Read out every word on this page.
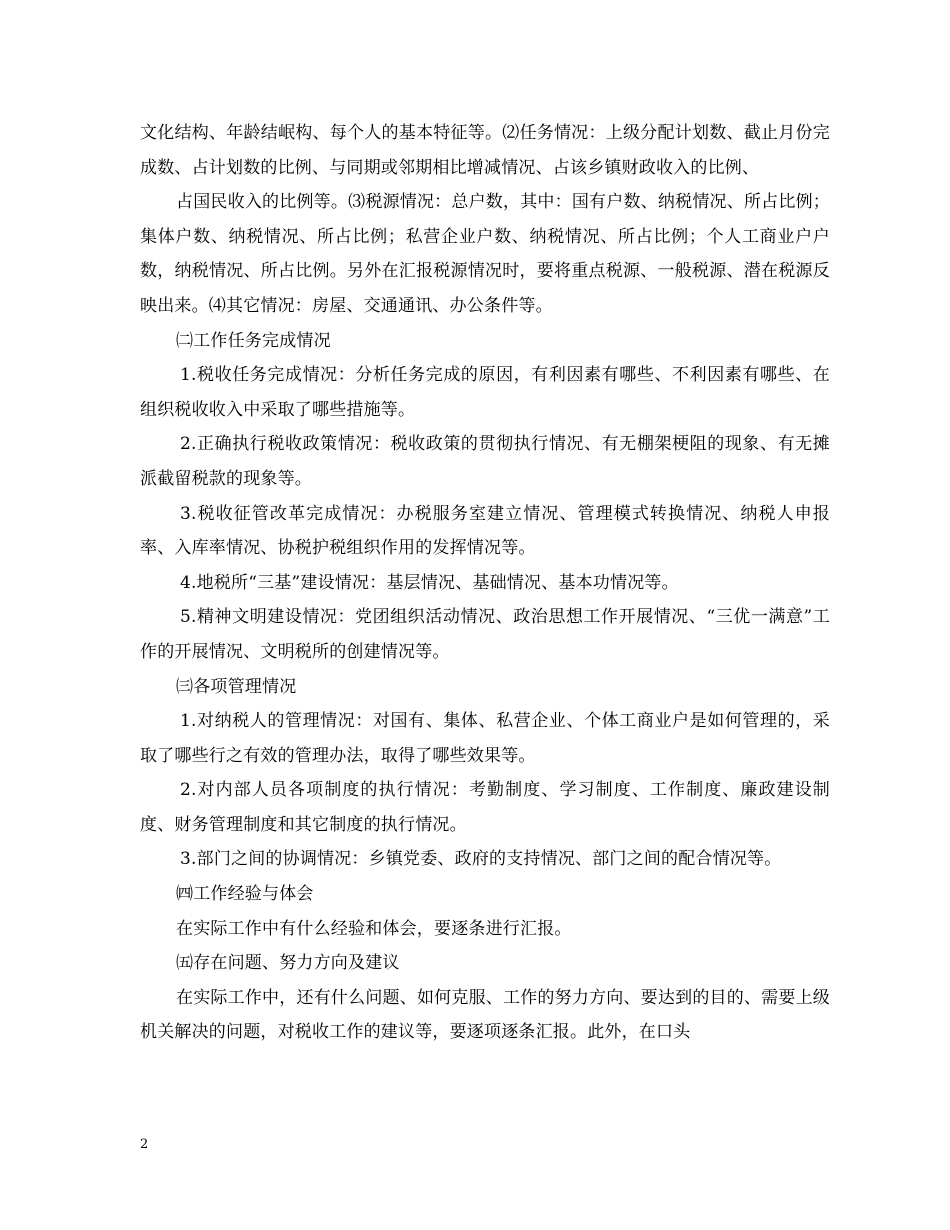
文化结构、年龄结岷构、每个人的基本特征等。⑵任务情况：上级分配计划数、截止月份完成数、占计划数的比例、与同期或邻期相比增减情况、占该乡镇财政收入的比例、

占国民收入的比例等。⑶税源情况：总户数，其中：国有户数、纳税情况、所占比例；集体户数、纳税情况、所占比例；私营企业户数、纳税情况、所占比例；个人工商业户户数，纳税情况、所占比例。另外在汇报税源情况时，要将重点税源、一般税源、潜在税源反映出来。⑷其它情况：房屋、交通通讯、办公条件等。

㈡工作任务完成情况

1.税收任务完成情况：分析任务完成的原因，有利因素有哪些、不利因素有哪些、在组织税收收入中采取了哪些措施等。

2.正确执行税收政策情况：税收政策的贯彻执行情况、有无棚架梗阻的现象、有无摊派截留税款的现象等。

3.税收征管改革完成情况：办税服务室建立情况、管理模式转换情况、纳税人申报率、入库率情况、协税护税组织作用的发挥情况等。

4.地税所“三基”建设情况：基层情况、基础情况、基本功情况等。

5.精神文明建设情况：党团组织活动情况、政治思想工作开展情况、“三优一满意”工作的开展情况、文明税所的创建情况等。

㈢各项管理情况

1.对纳税人的管理情况：对国有、集体、私营企业、个体工商业户是如何管理的，采取了哪些行之有效的管理办法，取得了哪些效果等。

2.对内部人员各项制度的执行情况：考勤制度、学习制度、工作制度、廉政建设制度、财务管理制度和其它制度的执行情况。

3.部门之间的协调情况：乡镇党委、政府的支持情况、部门之间的配合情况等。

㈣工作经验与体会

在实际工作中有什么经验和体会，要逐条进行汇报。

㈤存在问题、努力方向及建议

在实际工作中，还有什么问题、如何克服、工作的努力方向、要达到的目的、需要上级机关解决的问题，对税收工作的建议等，要逐项逐条汇报。此外，在口头

2
